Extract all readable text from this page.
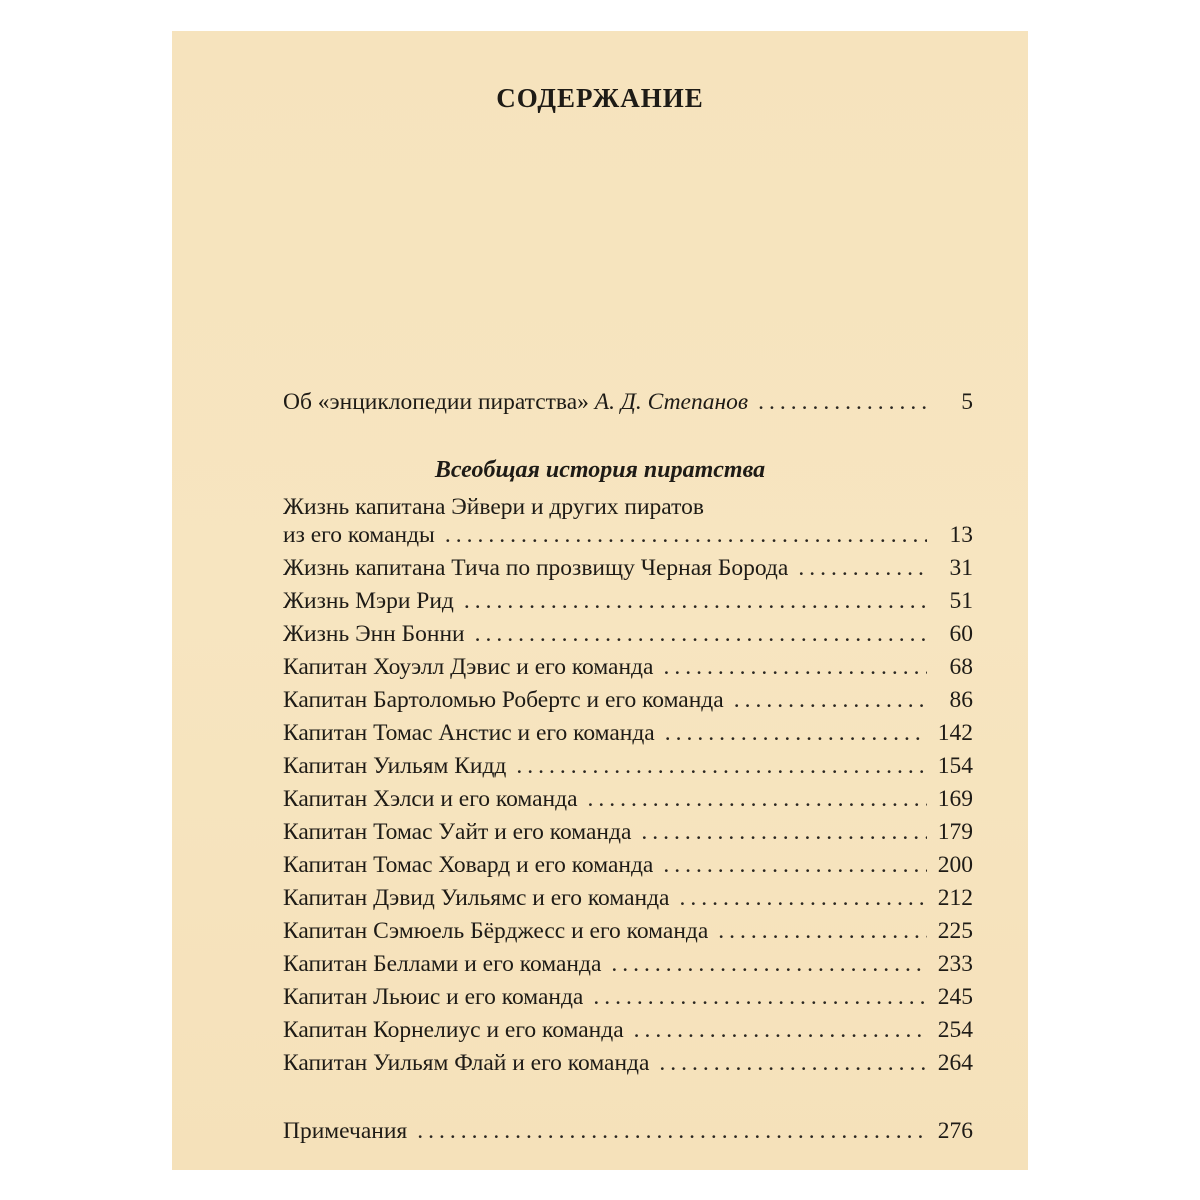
СОДЕРЖАНИЕ
Об «энциклопедии пиратства» А. Д. Степанов .....	5
Всеобщая история пиратства
Жизнь капитана Эйвери и других пиратов
из его команды .....	13
Жизнь капитана Тича по прозвищу Черная Борода .....	31
Жизнь Мэри Рид .....	51
Жизнь Энн Бонни .....	60
Капитан Хоуэлл Дэвис и его команда .....	68
Капитан Бартоломью Робертс и его команда .....	86
Капитан Томас Анстис и его команда .....	142
Капитан Уильям Кидд .....	154
Капитан Хэлси и его команда .....	169
Капитан Томас Уайт и его команда .....	179
Капитан Томас Ховард и его команда .....	200
Капитан Дэвид Уильямс и его команда .....	212
Капитан Сэмюель Бёрджесс и его команда .....	225
Капитан Беллами и его команда .....	233
Капитан Льюис и его команда .....	245
Капитан Корнелиус и его команда .....	254
Капитан Уильям Флай и его команда .....	264
Примечания .....	276
